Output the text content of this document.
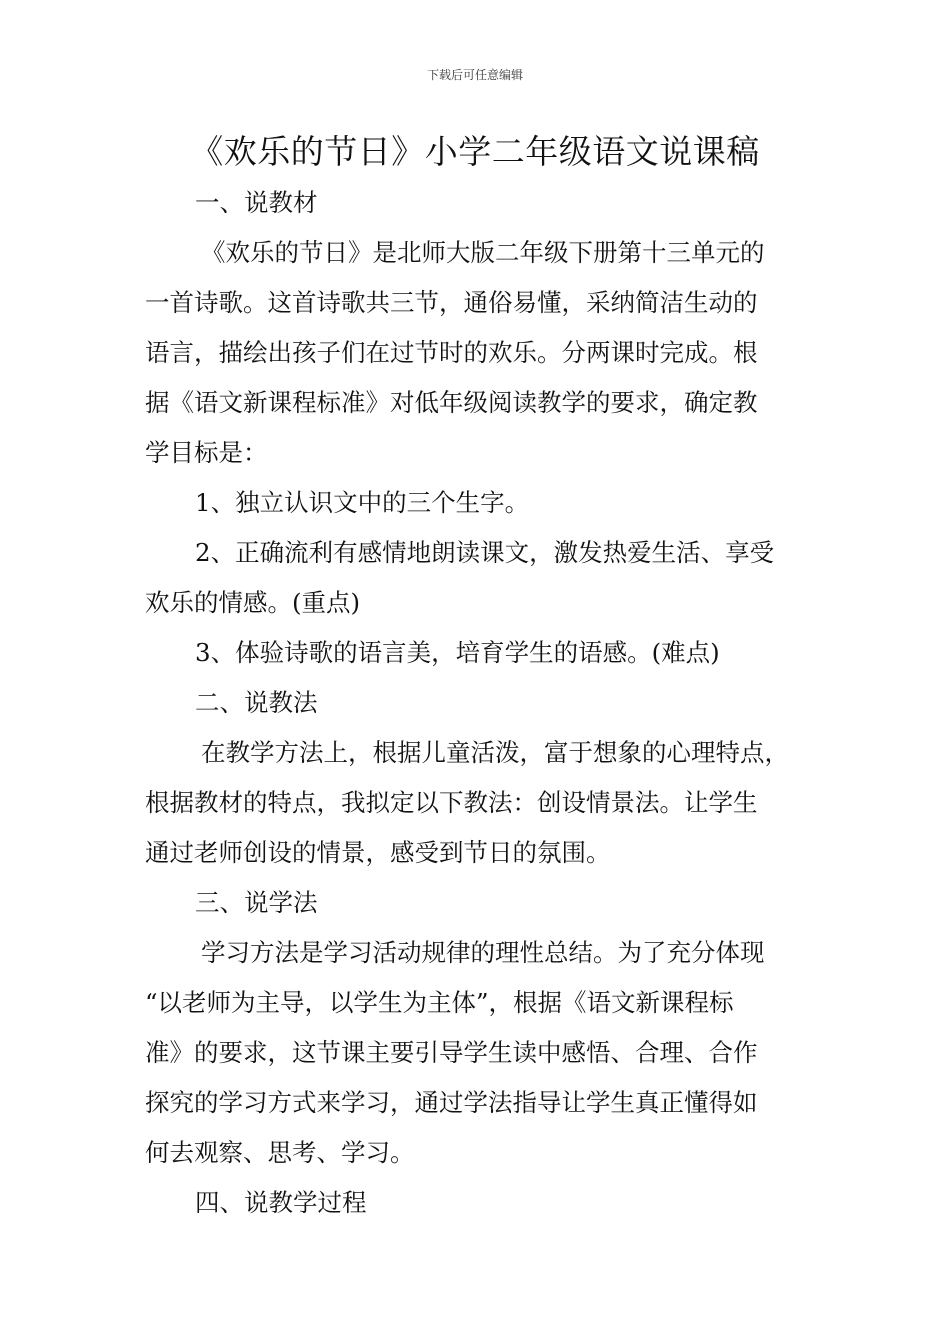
下载后可任意编辑
《欢乐的节日》小学二年级语文说课稿

一、说教材

《欢乐的节日》是北师大版二年级下册第十三单元的

一首诗歌。这首诗歌共三节，通俗易懂，采纳简洁生动的

语言，描绘出孩子们在过节时的欢乐。分两课时完成。根

据《语文新课程标准》对低年级阅读教学的要求，确定教

学目标是：

1、独立认识文中的三个生字。

2、正确流利有感情地朗读课文，激发热爱生活、享受

欢乐的情感。(重点)

3、体验诗歌的语言美，培育学生的语感。(难点)

二、说教法

在教学方法上，根据儿童活泼，富于想象的心理特点，

根据教材的特点，我拟定以下教法：创设情景法。让学生

通过老师创设的情景，感受到节日的氛围。

三、说学法

学习方法是学习活动规律的理性总结。为了充分体现

“以老师为主导，以学生为主体”，根据《语文新课程标

准》的要求，这节课主要引导学生读中感悟、合理、合作

探究的学习方式来学习，通过学法指导让学生真正懂得如

何去观察、思考、学习。

四、说教学过程
